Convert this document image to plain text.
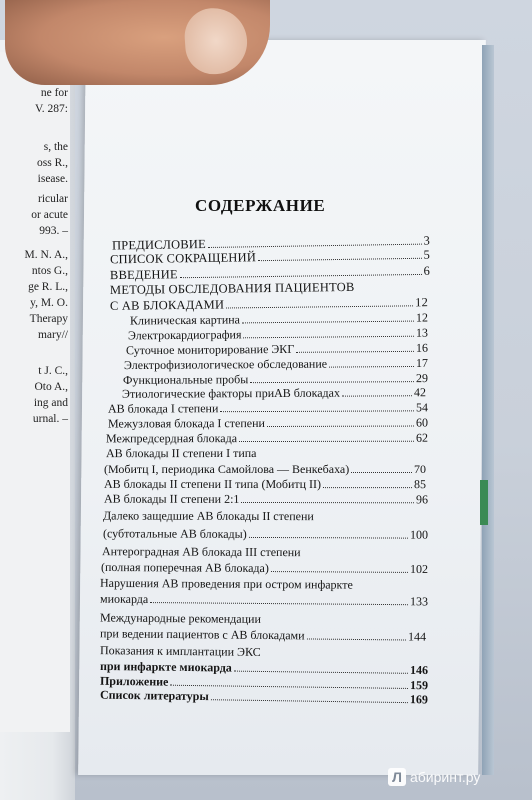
ne for
V. 287:
s, the
oss R.,
isease.
ricular
or acute
993. –
M. N. A.,
ntos G.,
ge R. L.,
y, M. O.
Therapy
mary//
t J. C.,
Oto A.,
ing and
urnal. –
СОДЕРЖАНИЕ
ПРЕДИСЛОВИЕ	3
СПИСОК СОКРАЩЕНИЙ	5
ВВЕДЕНИЕ	6
МЕТОДЫ ОБСЛЕДОВАНИЯ ПАЦИЕНТОВ
С АВ БЛОКАДАМИ	12
Клиническая картина	12
Электрокардиография	13
Суточное мониторирование ЭКГ	16
Электрофизиологическое обследование	17
Функциональные пробы	29
Этиологические факторы приАВ блокадах	42
АВ блокада I степени	54
Межузловая блокада I степени	60
Межпредсердная блокада	62
АВ блокады II степени I типа
(Мобитц I, периодика Самойлова — Венкебаха)	70
АВ блокады II степени II типа (Мобитц II)	85
АВ блокады II степени 2:1	96
Далеко защедшие АВ блокады II степени
(субтотальные АВ блокады)	100
Антероградная АВ блокада III степени
(полная поперечная АВ блокада)	102
Нарушения АВ проведения при остром инфаркте
миокарда	133
Международные рекомендации
при ведении пациентов с АВ блокадами	144
Показания к имплантации ЭКС
при инфаркте миокарда	146
Приложение	159
Список литературы	169
Л абиринт.ру
